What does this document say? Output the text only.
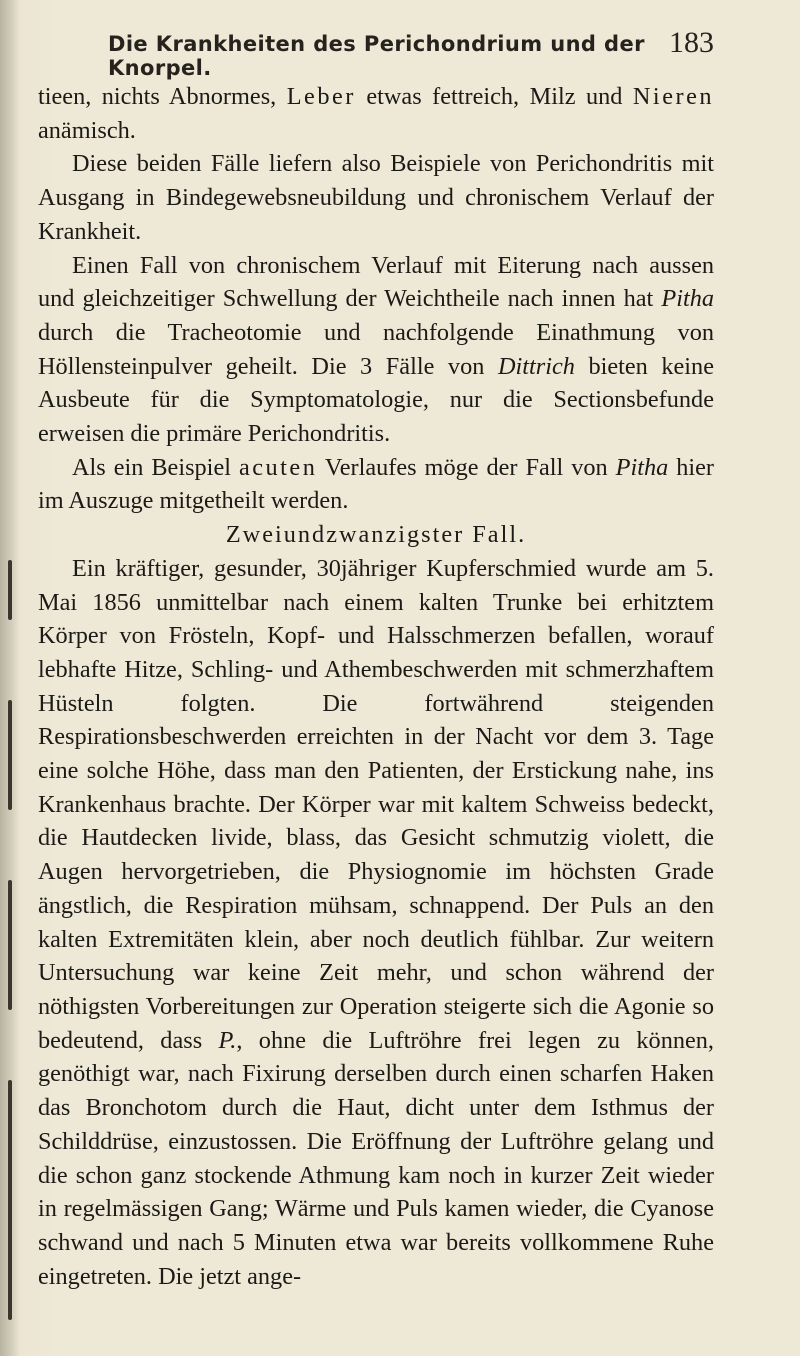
Die Krankheiten des Perichondrium und der Knorpel.
183

tieen, nichts Abnormes, Leber etwas fettreich, Milz und Nieren anämisch.

Diese beiden Fälle liefern also Beispiele von Perichondritis mit Ausgang in Bindegewebsneubildung und chronischem Verlauf der Krankheit.

Einen Fall von chronischem Verlauf mit Eiterung nach aussen und gleichzeitiger Schwellung der Weichtheile nach innen hat Pitha durch die Tracheotomie und nachfolgende Einathmung von Höllensteinpulver geheilt. Die 3 Fälle von Dittrich bieten keine Ausbeute für die Symptomatologie, nur die Sectionsbefunde erweisen die primäre Perichondritis.

Als ein Beispiel acuten Verlaufes möge der Fall von Pitha hier im Auszuge mitgetheilt werden.

Zweiundzwanzigster Fall.

Ein kräftiger, gesunder, 30jähriger Kupferschmied wurde am 5. Mai 1856 unmittelbar nach einem kalten Trunke bei erhitztem Körper von Frösteln, Kopf- und Halsschmerzen befallen, worauf lebhafte Hitze, Schling- und Athembeschwerden mit schmerzhaftem Hüsteln folgten. Die fortwährend steigenden Respirationsbeschwerden erreichten in der Nacht vor dem 3. Tage eine solche Höhe, dass man den Patienten, der Erstickung nahe, ins Krankenhaus brachte. Der Körper war mit kaltem Schweiss bedeckt, die Hautdecken livide, blass, das Gesicht schmutzig violett, die Augen hervorgetrieben, die Physiognomie im höchsten Grade ängstlich, die Respiration mühsam, schnappend. Der Puls an den kalten Extremitäten klein, aber noch deutlich fühlbar. Zur weitern Untersuchung war keine Zeit mehr, und schon während der nöthigsten Vorbereitungen zur Operation steigerte sich die Agonie so bedeutend, dass P., ohne die Luftröhre frei legen zu können, genöthigt war, nach Fixirung derselben durch einen scharfen Haken das Bronchotom durch die Haut, dicht unter dem Isthmus der Schilddrüse, einzustossen. Die Eröffnung der Luftröhre gelang und die schon ganz stockende Athmung kam noch in kurzer Zeit wieder in regelmässigen Gang; Wärme und Puls kamen wieder, die Cyanose schwand und nach 5 Minuten etwa war bereits vollkommene Ruhe eingetreten. Die jetzt ange-
